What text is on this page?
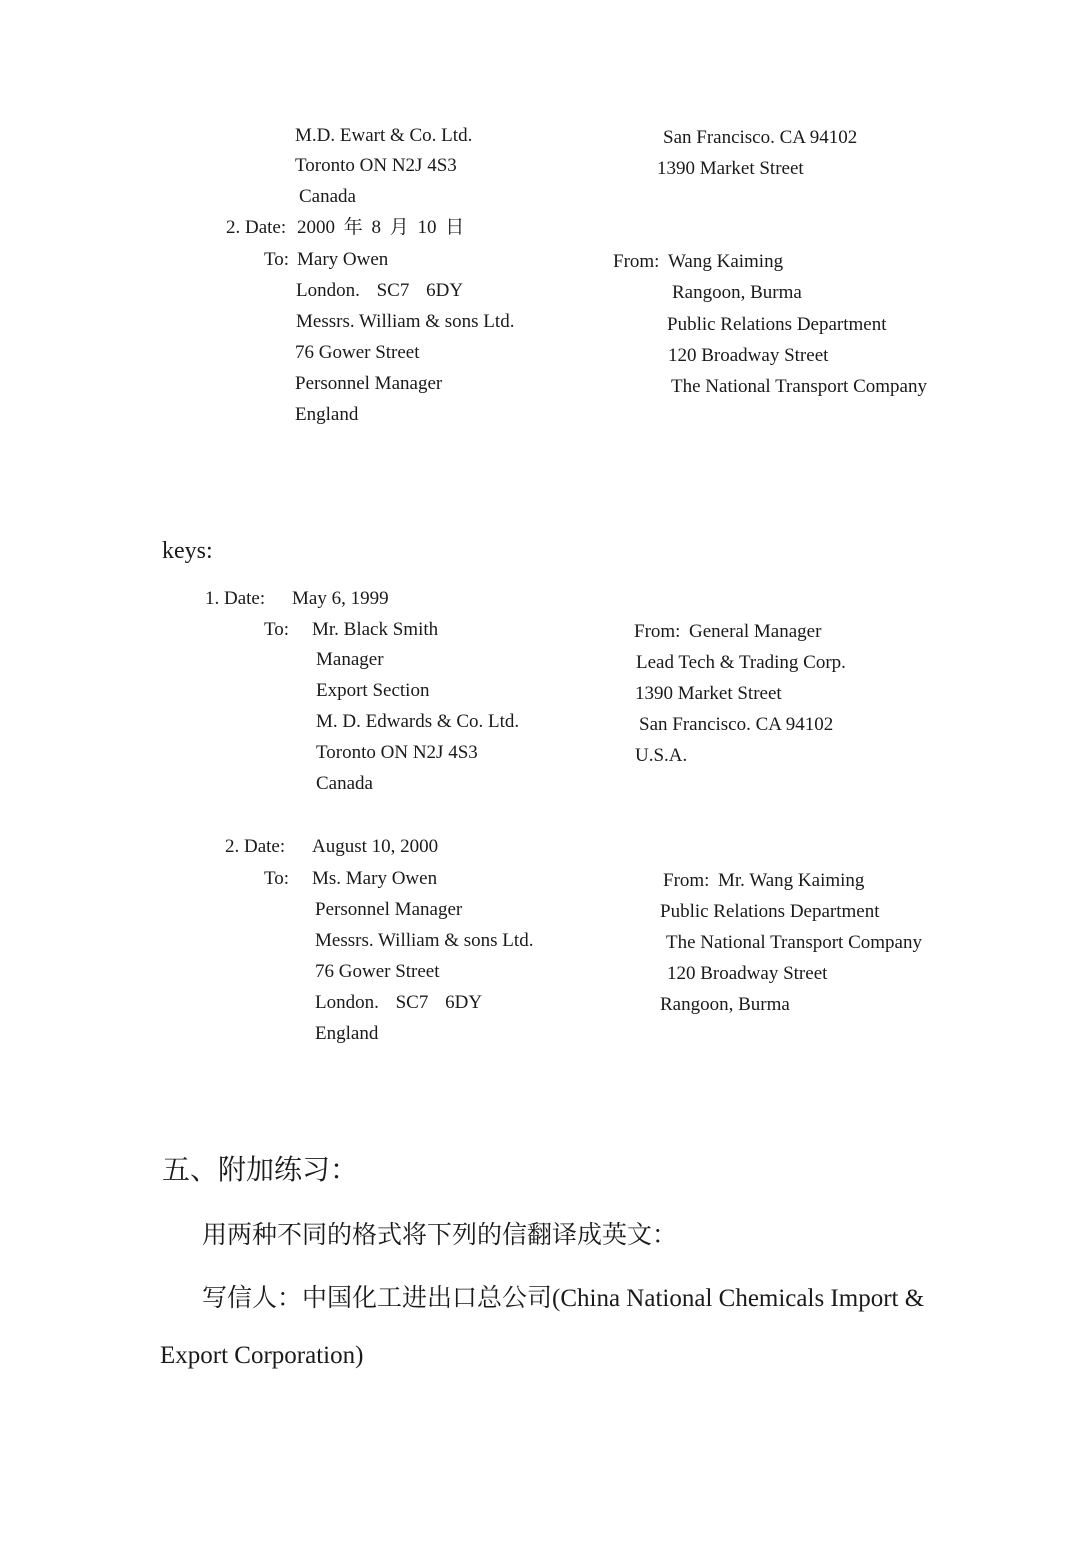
M.D. Ewart & Co. Ltd.
Toronto ON N2J 4S3
Canada
San Francisco. CA 94102
1390 Market Street
2. Date: 2000 年 8 月 10 日
To: Mary Owen
London. SC7 6DY
Messrs. William & sons Ltd.
76 Gower Street
Personnel Manager
England
From: Wang Kaiming
Rangoon, Burma
Public Relations Department
120 Broadway Street
The National Transport Company
keys:
1. Date: May 6, 1999
To: Mr. Black Smith
Manager
Export Section
M. D. Edwards & Co. Ltd.
Toronto ON N2J 4S3
Canada
From: General Manager
Lead Tech & Trading Corp.
1390 Market Street
San Francisco. CA 94102
U.S.A.
2. Date: August 10, 2000
To: Ms. Mary Owen
Personnel Manager
Messrs. William & sons Ltd.
76 Gower Street
London. SC7 6DY
England
From: Mr. Wang Kaiming
Public Relations Department
The National Transport Company
120 Broadway Street
Rangoon, Burma
五、附加练习：
用两种不同的格式将下列的信翻译成英文：
写信人：中国化工进出口总公司(China National Chemicals Import &
Export Corporation)
